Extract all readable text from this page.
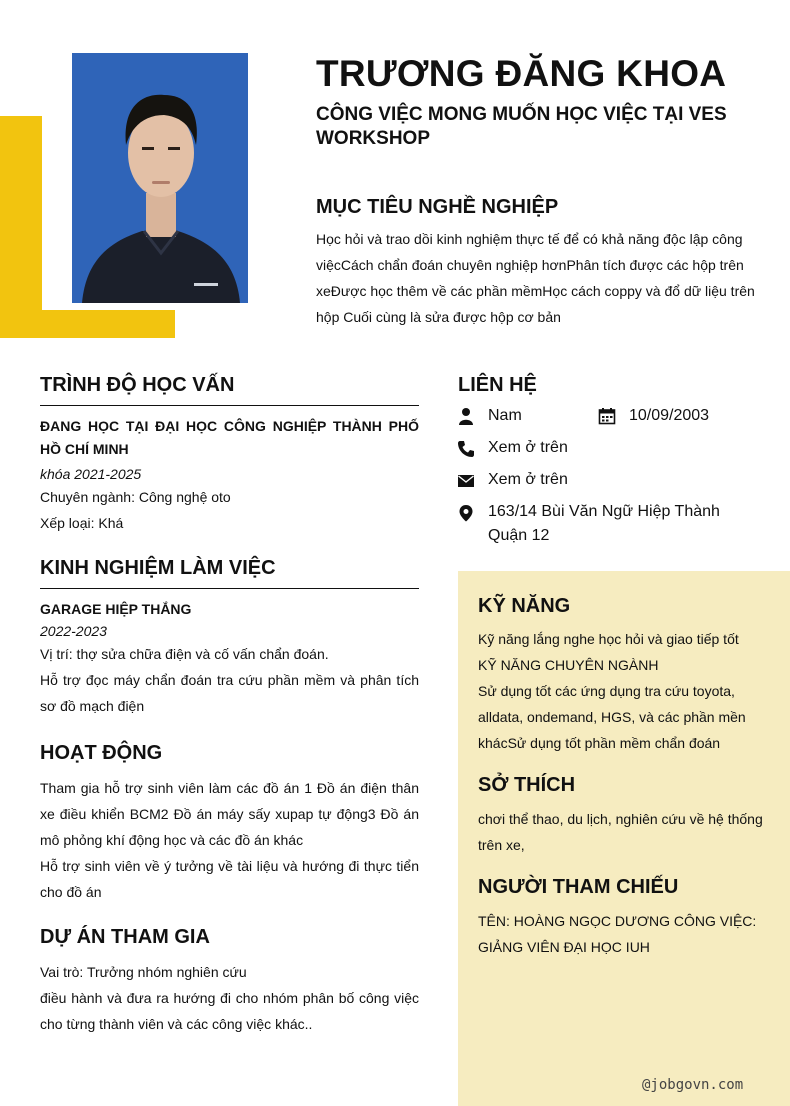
TRƯƠNG ĐĂNG KHOA
CÔNG VIỆC MONG MUỐN HỌC VIỆC TẠI VES WORKSHOP
MỤC TIÊU NGHỀ NGHIỆP
Học hỏi và trao dồi kinh nghiệm thực tế để có khả năng độc lập công việcCách chẩn đoán chuyên nghiệp hơnPhân tích được các hộp trên xeĐược học thêm về các phần mềmHọc cách coppy và đổ dữ liệu trên hộp Cuối cùng là sửa được hộp cơ bản
TRÌNH ĐỘ HỌC VẤN
ĐANG HỌC TẠI ĐẠI HỌC CÔNG NGHIỆP THÀNH PHỐ HỒ CHÍ MINH
khóa 2021-2025
Chuyên ngành: Công nghệ oto
Xếp loại: Khá
KINH NGHIỆM LÀM VIỆC
GARAGE HIỆP THẮNG
2022-2023
Vị trí: thợ sửa chữa điện và cố vấn chẩn đoán.
Hỗ trợ đọc máy chẩn đoán tra cứu phần mềm và phân tích sơ đồ mạch điện
HOẠT ĐỘNG
Tham gia hỗ trợ sinh viên làm các đồ án 1 Đồ án điện thân xe điều khiển BCM2 Đồ án máy sấy xupap tự động3 Đồ án mô phỏng khí động học và các đồ án khác
Hỗ trợ sinh viên về ý tưởng về tài liệu và hướng đi thực tiển cho đồ án
DỰ ÁN THAM GIA
Vai trò: Trưởng nhóm nghiên cứu
điều hành và đưa ra hướng đi cho nhóm phân bố công việc cho từng thành viên và các công việc khác..
LIÊN HỆ
Nam	10/09/2003
Xem ở trên
Xem ở trên
163/14 Bùi Văn Ngữ Hiệp Thành Quận 12
KỸ NĂNG
Kỹ năng lắng nghe học hỏi và giao tiếp tốt
KỸ NĂNG CHUYÊN NGÀNH
Sử dụng tốt các ứng dụng tra cứu toyota, alldata, ondemand, HGS, và các phần mền khácSử dụng tốt phần mềm chẩn đoán
SỞ THÍCH
chơi thể thao, du lịch, nghiên cứu về hệ thống trên xe,
NGƯỜI THAM CHIẾU
TÊN: HOÀNG NGỌC DƯƠNG CÔNG VIỆC: GIẢNG VIÊN ĐẠI HỌC IUH
@jobgovn.com
